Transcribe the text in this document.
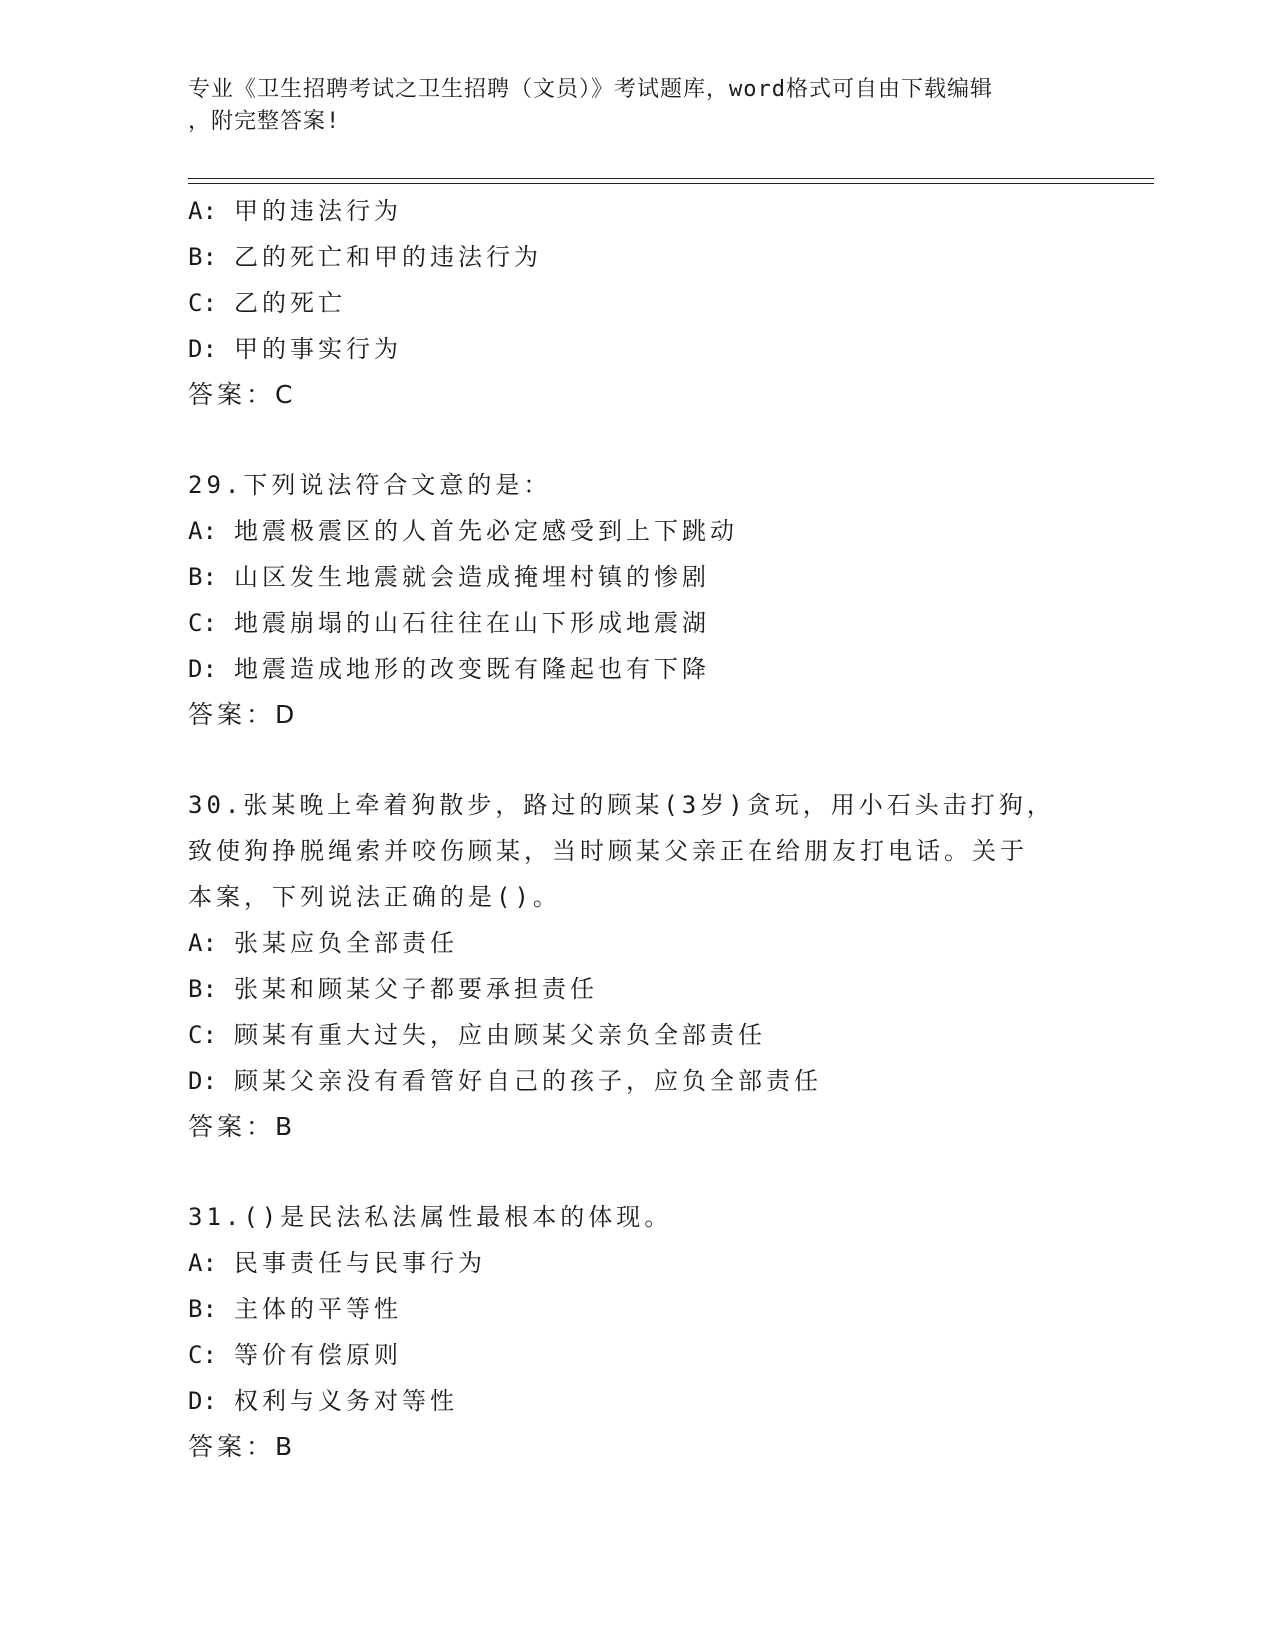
专业《卫生招聘考试之卫生招聘（文员）》考试题库，word格式可自由下载编辑
，附完整答案!
A: 甲的违法行为
B: 乙的死亡和甲的违法行为
C: 乙的死亡
D: 甲的事实行为
答案：C
29.下列说法符合文意的是：
A: 地震极震区的人首先必定感受到上下跳动
B: 山区发生地震就会造成掩埋村镇的惨剧
C: 地震崩塌的山石往往在山下形成地震湖
D: 地震造成地形的改变既有隆起也有下降
答案：D
30.张某晚上牵着狗散步，路过的顾某(3岁)贪玩，用小石头击打狗，
致使狗挣脱绳索并咬伤顾某，当时顾某父亲正在给朋友打电话。关于
本案，下列说法正确的是()。
A: 张某应负全部责任
B: 张某和顾某父子都要承担责任
C: 顾某有重大过失，应由顾某父亲负全部责任
D: 顾某父亲没有看管好自己的孩子，应负全部责任
答案：B
31.()是民法私法属性最根本的体现。
A: 民事责任与民事行为
B: 主体的平等性
C: 等价有偿原则
D: 权利与义务对等性
答案：B
